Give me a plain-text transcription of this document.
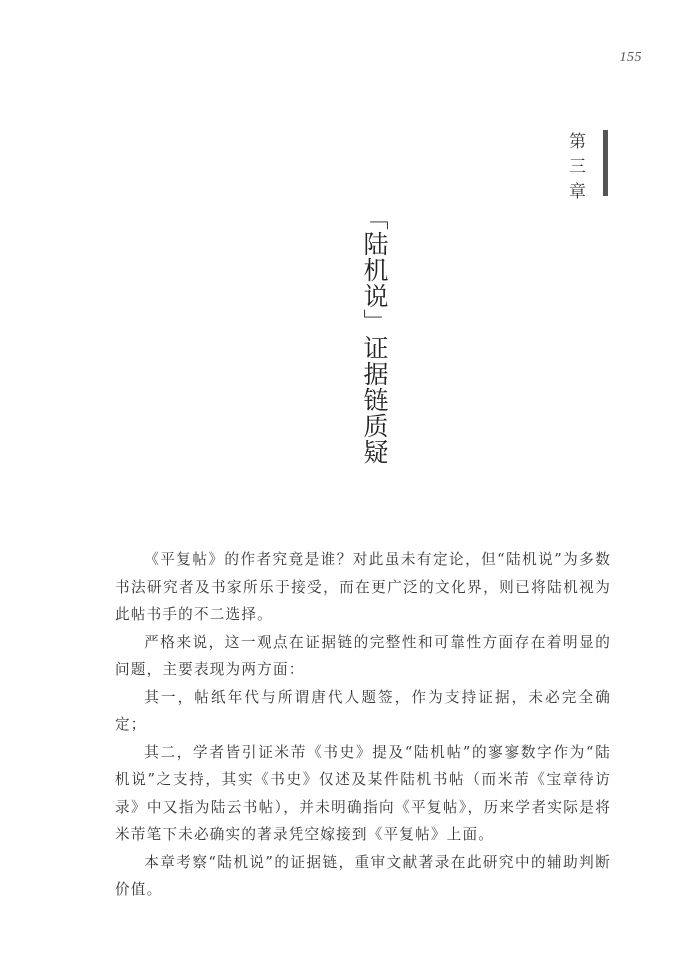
155
第三章
「陆机说」证据链质疑

《平复帖》的作者究竟是谁？对此虽未有定论，但“陆机说”为多数书法研究者及书家所乐于接受，而在更广泛的文化界，则已将陆机视为此帖书手的不二选择。

严格来说，这一观点在证据链的完整性和可靠性方面存在着明显的问题，主要表现为两方面：

其一，帖纸年代与所谓唐代人题签，作为支持证据，未必完全确定；

其二，学者皆引证米芾《书史》提及“陆机帖”的寥寥数字作为“陆机说”之支持，其实《书史》仅述及某件陆机书帖（而米芾《宝章待访录》中又指为陆云书帖），并未明确指向《平复帖》，历来学者实际是将米芾笔下未必确实的著录凭空嫁接到《平复帖》上面。

本章考察“陆机说”的证据链，重审文献著录在此研究中的辅助判断价值。
